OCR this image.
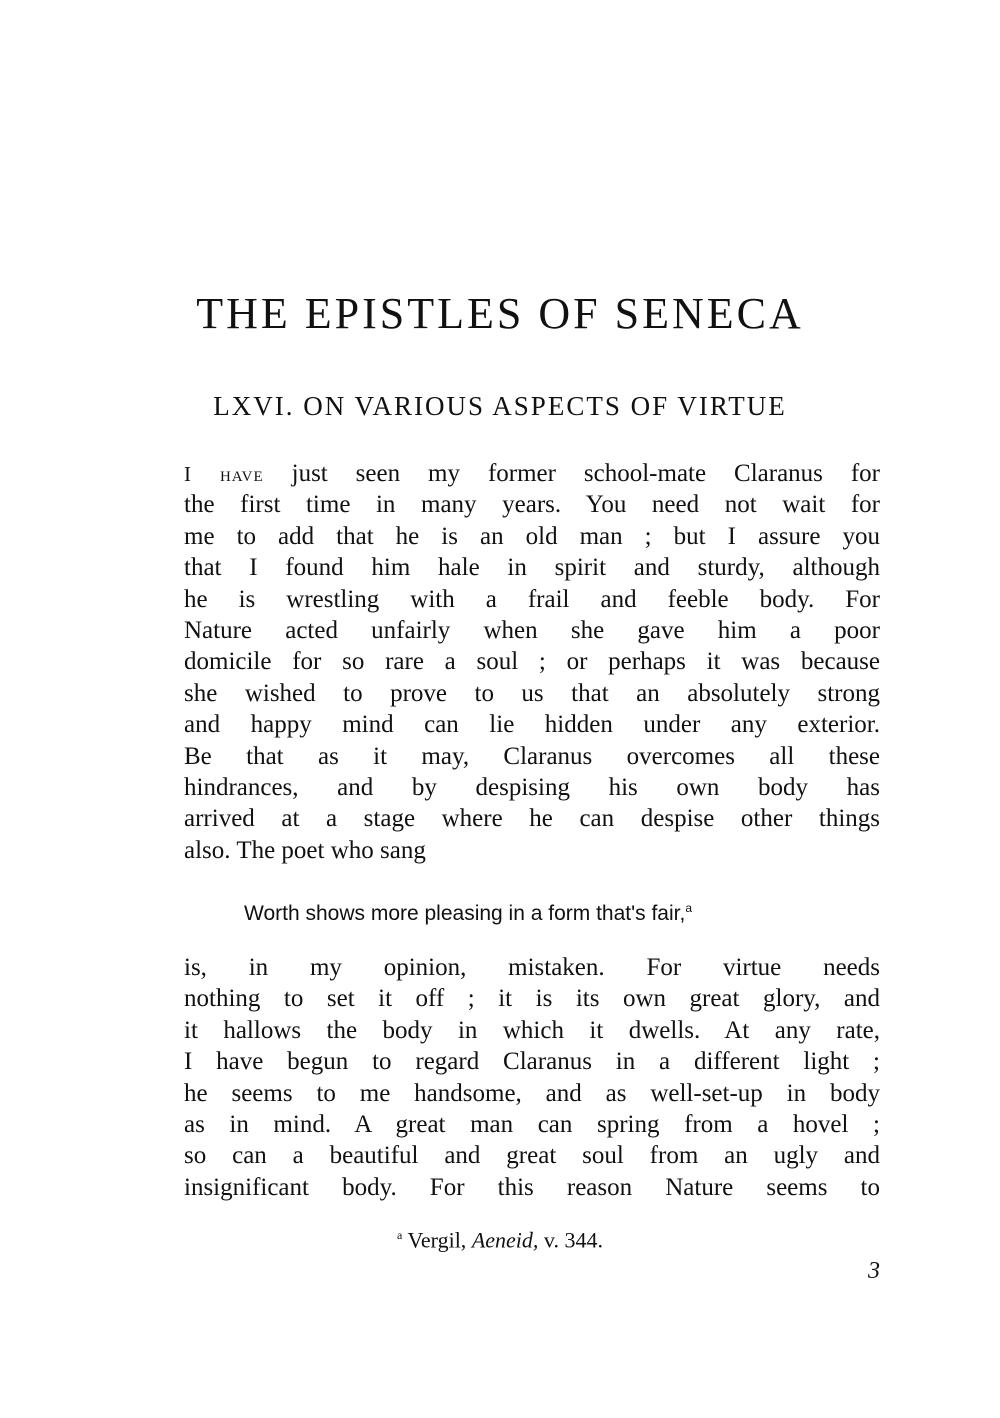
THE EPISTLES OF SENECA
LXVI. ON VARIOUS ASPECTS OF VIRTUE
I have just seen my former school-mate Claranus for
the first time in many years. You need not wait for
me to add that he is an old man ; but I assure you
that I found him hale in spirit and sturdy, although
he is wrestling with a frail and feeble body. For
Nature acted unfairly when she gave him a poor
domicile for so rare a soul ; or perhaps it was because
she wished to prove to us that an absolutely strong
and happy mind can lie hidden under any exterior.
Be that as it may, Claranus overcomes all these
hindrances, and by despising his own body has
arrived at a stage where he can despise other things
also. The poet who sang
Worth shows more pleasing in a form that's fair,$^a$
is, in my opinion, mistaken. For virtue needs
nothing to set it off ; it is its own great glory, and
it hallows the body in which it dwells. At any rate,
I have begun to regard Claranus in a different light ;
he seems to me handsome, and as well-set-up in body
as in mind. A great man can spring from a hovel ;
so can a beautiful and great soul from an ugly and
insignificant body. For this reason Nature seems to
$^a$ Vergil, Aeneid, v. 344.
3
